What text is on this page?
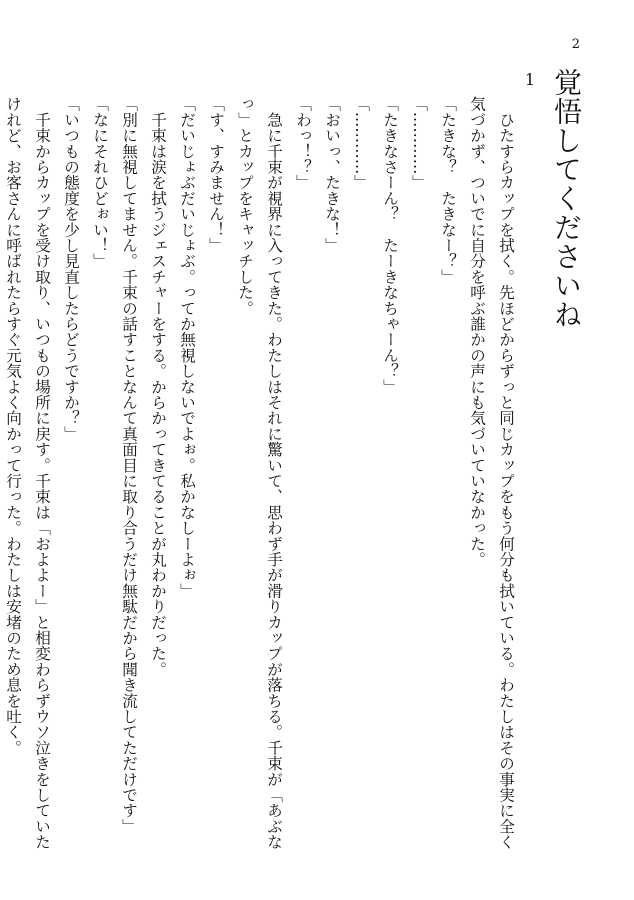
2
1 覚悟してくださいね

　ひたすらカップを拭く。先ほどからずっと同じカップをもう何分も拭いている。わたしはその事実に全く気づかず、ついでに自分を呼ぶ誰かの声にも気づいていなかった。

「たきな？　たきなー？」

「…………」

「たきなさーん？　たーきなちゃーん？」

「…………」

「おいっ、たきな！」

「わっ！？」

　急に千束が視界に入ってきた。わたしはそれに驚いて、思わず手が滑りカップが落ちる。千束が「あぶなっ」とカップをキャッチした。

「す、すみません！」

「だいじょぶだいじょぶ。ってか無視しないでよぉ。私かなしーよぉ」

　千束は涙を拭うジェスチャーをする。からかってきてることが丸わかりだった。

「別に無視してません。千束の話すことなんて真面目に取り合うだけ無駄だから聞き流してただけです」

「なにそれひどぉい！」

「いつもの態度を少し見直したらどうですか？」

　千束からカップを受け取り、いつもの場所に戻す。千束は「およよー」と相変わらずウソ泣きをしていたけれど、お客さんに呼ばれたらすぐ元気よく向かって行った。わたしは安堵のため息を吐く。
